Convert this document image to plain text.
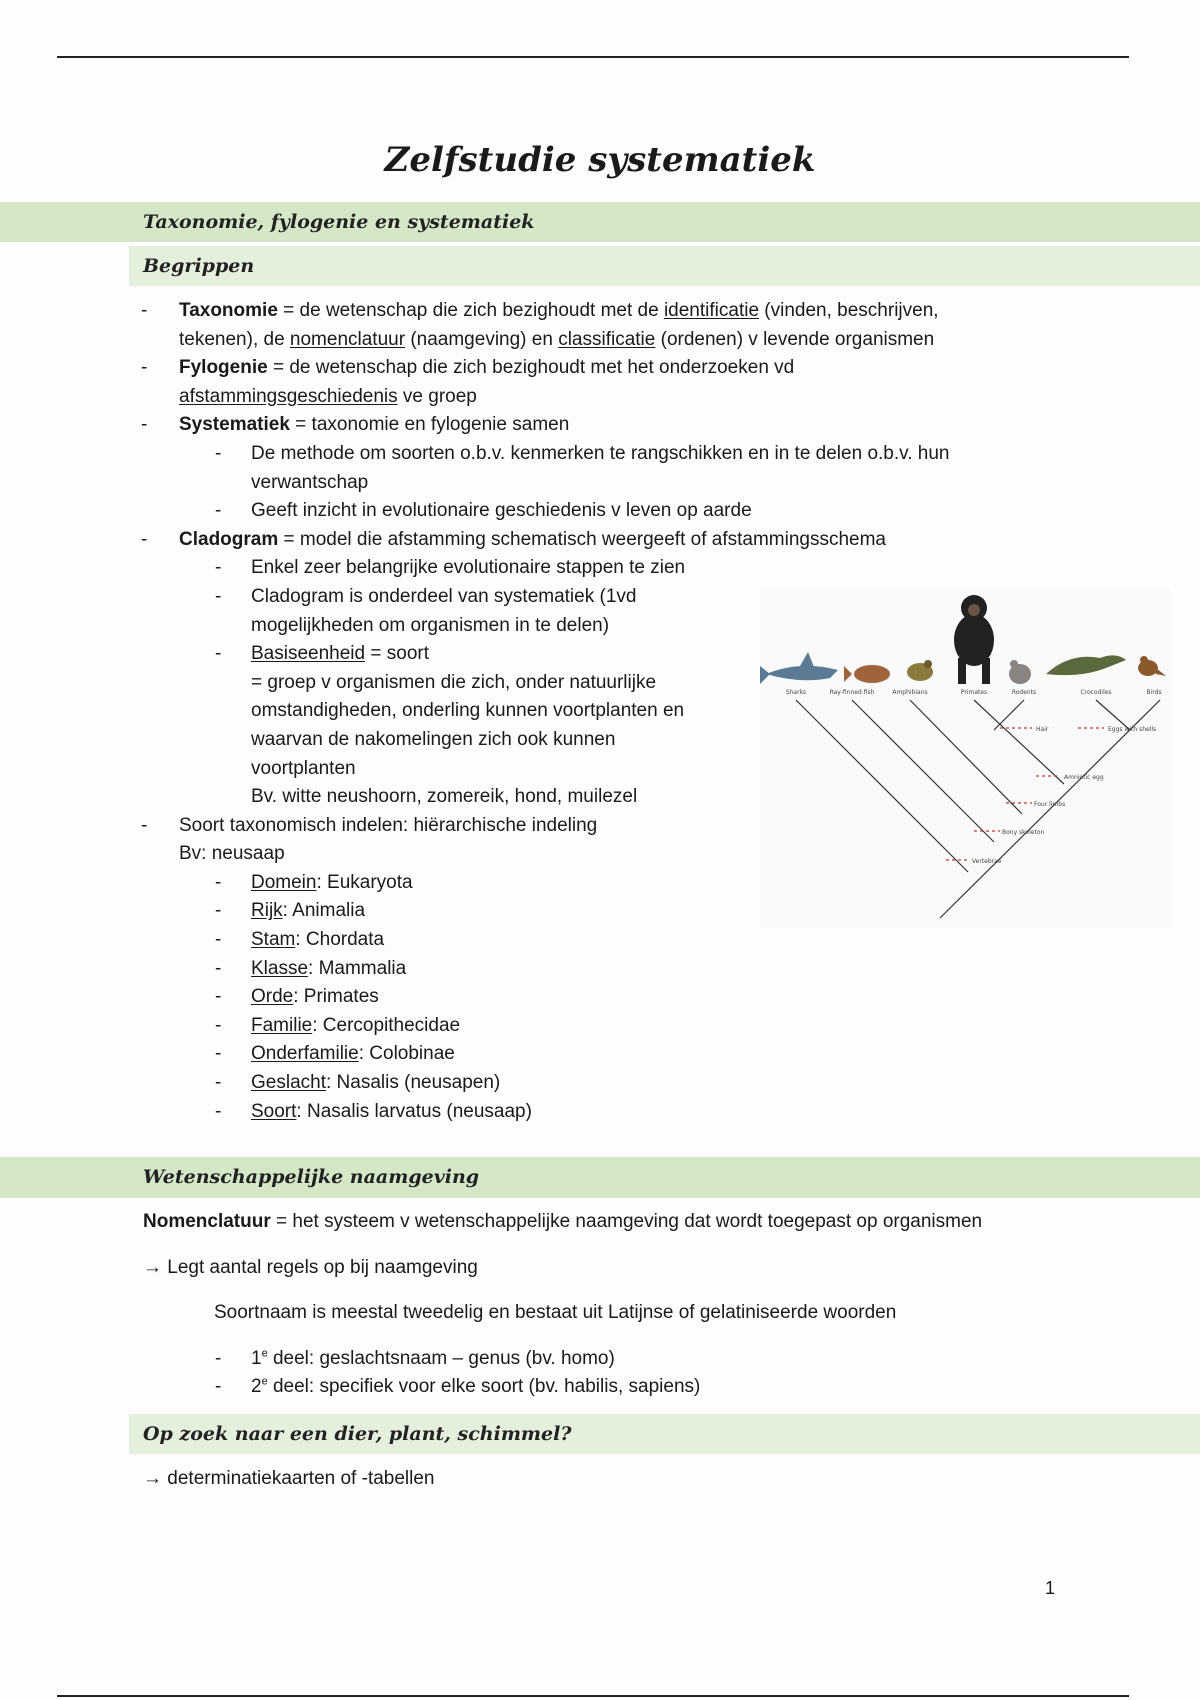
Zelfstudie systematiek
Taxonomie, fylogenie en systematiek
Begrippen
- Taxonomie = de wetenschap die zich bezighoudt met de identificatie (vinden, beschrijven,
tekenen), de nomenclatuur (naamgeving) en classificatie (ordenen) v levende organismen
- Fylogenie = de wetenschap die zich bezighoudt met het onderzoeken vd
afstammingsgeschiedenis ve groep
- Systematiek = taxonomie en fylogenie samen
- De methode om soorten o.b.v. kenmerken te rangschikken en in te delen o.b.v. hun
verwantschap
- Geeft inzicht in evolutionaire geschiedenis v leven op aarde
- Cladogram = model die afstamming schematisch weergeeft of afstammingsschema
- Enkel zeer belangrijke evolutionaire stappen te zien
- Cladogram is onderdeel van systematiek (1vd
mogelijkheden om organismen in te delen)
- Basiseenheid = soort
= groep v organismen die zich, onder natuurlijke
omstandigheden, onderling kunnen voortplanten en
waarvan de nakomelingen zich ook kunnen
voortplanten
Bv. witte neushoorn, zomereik, hond, muilezel
- Soort taxonomisch indelen: hiërarchische indeling
Bv: neusaap
- Domein: Eukaryota
- Rijk: Animalia
- Stam: Chordata
- Klasse: Mammalia
- Orde: Primates
- Familie: Cercopithecidae
- Onderfamilie: Colobinae
- Geslacht: Nasalis (neusapen)
- Soort: Nasalis larvatus (neusaap)
Sharks	Ray-finned fish	Amphibians	Primates	Rodents	Crocodiles	Birds
Hair	Eggs with shells
Amniotic egg
Four limbs
Bony skeleton
Vertebrae
Wetenschappelijke naamgeving
Nomenclatuur = het systeem v wetenschappelijke naamgeving dat wordt toegepast op organismen
→ Legt aantal regels op bij naamgeving
Soortnaam is meestal tweedelig en bestaat uit Latijnse of gelatiniseerde woorden
- 1e deel: geslachtsnaam – genus (bv. homo)
- 2e deel: specifiek voor elke soort (bv. habilis, sapiens)
Op zoek naar een dier, plant, schimmel?
→ determinatiekaarten of -tabellen
1
